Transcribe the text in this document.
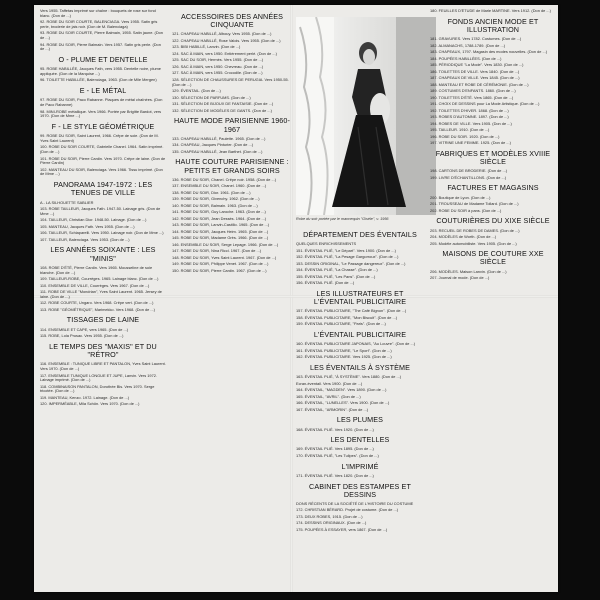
Vers 1955. Taffetas imprimé sur chaîne : bouquets de rose sur fond blanc. (Don de ...)
92. ROBE DU SOIR COURTE, BALENCIAGA. Vers 1955. Satin gris perle, broderie de jais noir. (Don de M. Balenciaga)
93. ROBE DU SOIR COURTE, Pierre Balmain, 1955. Satin jaune. (Don de ...)
94. ROBE DU SOIR, Pierre Balmain. Vers 1957. Satin gris perle. (Don de ...)
O - PLUME ET DENTELLE
95. ROBE HABILLÉE, Jacques Fath, vers 1955. Dentelle noire, plume appliquée. (Don de la Marquise ...)
96. TOILETTE HABILLÉE, Balenciaga, 1963. (Don de Mlle Mergen)
E - LE MÉTAL
97. ROBE DU SOIR, Paco Rabanne. Plaques de métal chaînées. (Don de Paco Rabanne)
98. MINI-ROBE métallique. Vers 1966. Portée par Brigitte Bardot, vers 1970. (Don de Mme ...)
F - LE STYLE GÉOMÉTRIQUE
99. ROBE DU SOIR, Saint Laurent, 1966. Crêpe de soie. (Don de M. Yves Saint Laurent)
100. ROBE DU SOIR COURTE, Gabrielle Chanel. 1964. Satin imprimé. (Don de ...)
101. ROBE DU SOIR, Pierre Cardin. Vers 1970. Crêpe de laine. (Don de Pierre Cardin)
102. MANTEAU DU SOIR, Balenciaga. Vers 1966. Tissu imprimé. (Don de Mme ...)
PANORAMA 1947-1972 : LES TENUES DE VILLE
A - LA SILHOUETTE SABLIER
103. ROBE TAILLEUR, Jacques Fath. 1947-50. Lainage gris. (Don de Mme ...)
104. TAILLEUR, Christian Dior. 1948-50. Lainage. (Don de ...)
105. MANTEAU, Jacques Fath. Vers 1955. (Don de ...)
106. TAILLEUR, Schiaparelli. Vers 1950. Lainage noir. (Don de Mme ...)
107. TAILLEUR, Balenciaga. Vers 1953. (Don de ...)
LES ANNÉES SOIXANTE : LES "MINIS"
108. ROBE D'ÉTÉ, Pierre Cardin. Vers 1965. Mousseline de soie blanche. (Don de ...)
109. TAILLEUR-ROBE, Courrèges. 1965. Lainage blanc. (Don de ...)
110. ENSEMBLE DE VILLE, Courrèges. Vers 1967. (Don de ...)
111. ROBE DE VILLE "Mondrian", Yves Saint Laurent. 1965. Jersey de laine. (Don de ...)
112. ROBE COURTE, Ungaro. Vers 1968. Crêpe vert. (Don de ...)
113. ROBE "GÉOMÉTRIQUE", Marimekko. Vers 1968. (Don de ...)
TISSAGES DE LAINE
114. ENSEMBLE ET CAPE, vers 1965. (Don de ...)
115. ROBE, Lola Prusac. Vers 1955. (Don de ...)
LE TEMPS DES "MAXIS" ET DU "RÉTRO"
116. ENSEMBLE : TUNIQUE LIBRE ET PANTALON, Yves Saint Laurent. Vers 1970. (Don de ...)
117. ENSEMBLE TUNIQUE LONGUE ET JUPE, Lanvin. Vers 1972. Lainage imprimé. (Don de ...)
118. COMBINAISON PANTALON, Dorothée Bis. Vers 1970. Serge tricotée. (Don de ...)
119. MANTEAU, Kenzo. 1972. Lainage. (Don de ...)
120. IMPERMÉABLE, Mila Schön. Vers 1970. (Don de ...)
ACCESSOIRES DES ANNÉES CINQUANTE
121. CHAPEAU HABILLÉ, Albouy. Vers 1955. (Don de ...)
122. CHAPEAU HABILLÉ, Rose Valois. Vers 1955. (Don de ...)
123. BIBI HABILLÉ, Lanvin. (Don de ...)
124. SAC À MAIN, vers 1950. Entièrement perlé. (Don de ...)
125. SAC DU SOIR, Hermès. Vers 1955. (Don de ...)
126. SAC À MAIN, vers 1950. Chevreau. (Don de ...)
127. SAC À MAIN, vers 1955. Crocodile. (Don de ...)
128. SÉLECTION DE CHAUSSURES DE PERUGIA. Vers 1950-55. (Don de ...)
129. ÉVENTAIL. (Don de ...)
130. SÉLECTION DE PARFUMS. (Don de ...)
131. SÉLECTION DE BIJOUX DE FANTAISIE. (Don de ...)
132. SÉLECTION DE MODÈLES DE GANTS. (Don de ...)
HAUTE MODE PARISIENNE 1960-1967
133. CHAPEAU HABILLÉ, Paulette. 1965. (Don de ...)
134. CHAPEAU, Jacques Pinturier. (Don de ...)
135. CHAPEAU HABILLÉ, Jean Barthet. (Don de ...)
HAUTE COUTURE PARISIENNE : PETITS ET GRANDS SOIRS
136. ROBE DU SOIR, Chanel. Crêpe noir. 1958. (Don de ...)
137. ENSEMBLE DU SOIR, Chanel. 1960. (Don de ...)
138. ROBE DU SOIR, Dior. 1961. (Don de ...)
139. ROBE DU SOIR, Givenchy. 1962. (Don de ...)
140. ROBE DU SOIR, Balmain. 1963. (Don de ...)
141. ROBE DU SOIR, Guy Laroche. 1963. (Don de ...)
142. ROBE DU SOIR, Jean Dessès. 1964. (Don de ...)
143. ROBE DU SOIR, Lanvin-Castillo. 1965. (Don de ...)
144. ROBE DU SOIR, Jacques Heim. 1965. (Don de ...)
145. ROBE DU SOIR, Madame Grès. 1966. (Don de ...)
146. ENSEMBLE DU SOIR, Serge Lepage. 1966. (Don de ...)
147. ROBE DU SOIR, Nina Ricci. 1967. (Don de ...)
148. ROBE DU SOIR, Yves Saint Laurent. 1967. (Don de ...)
149. ROBE DU SOIR, Philippe Venet. 1967. (Don de ...)
150. ROBE DU SOIR, Pierre Cardin. 1967. (Don de ...)
Robe du soir portée par le mannequin "Gisèle", v. 1956
DÉPARTEMENT DES ÉVENTAILS
QUELQUES ENRICHISSEMENTS
151. ÉVENTAIL PLIÉ, "Le Départ". Vers 1900. (Don de ...)
152. ÉVENTAIL PLIÉ, "La Pesage Gargorroux". (Don de ...)
153. DESSIN ORIGINAL, "Le Passage dangereux". (Don de ...)
154. ÉVENTAIL PLIÉ, "La Chasse". (Don de ...)
155. ÉVENTAIL PLIÉ, "Les Pans". (Don de ...)
156. ÉVENTAIL PLIÉ. (Don de ...)
LES ILLUSTRATEURS ET L'ÉVENTAIL PUBLICITAIRE
157. ÉVENTAIL PUBLICITAIRE, "The Café Bignon". (Don de ...)
158. ÉVENTAIL PUBLICITAIRE, "Mon Biscuit". (Don de ...)
159. ÉVENTAIL PUBLICITAIRE, "Paris". (Don de ...)
L'ÉVENTAIL PUBLICITAIRE
160. ÉVENTAIL PUBLICITAIRE JAPONAIS, "Au Louvre". (Don de ...)
161. ÉVENTAIL PUBLICITAIRE, "Le Sport". (Don de ...)
162. ÉVENTAIL PUBLICITAIRE. Vers 1925. (Don de ...)
LES ÉVENTAILS À SYSTÈME
163. ÉVENTAIL PLIÉ, "À SYSTÈME". Vers 1880. (Don de ...)
Ecran-éventail. Vers 1900. (Don de ...)
164. ÉVENTAIL, "MAGDEN". Vers 1890. (Don de ...)
165. ÉVENTAIL, "AVRIL". (Don de ...)
166. ÉVENTAIL, "LUNELLES". Vers 1900. (Don de ...)
167. ÉVENTAIL, "ARMORIN". (Don de ...)
LES PLUMES
168. ÉVENTAIL PLIÉ. Vers 1920. (Don de ...)
LES DENTELLES
169. ÉVENTAIL PLIÉ. Vers 1895. (Don de ...)
170. ÉVENTAIL PLIÉ, "Les Tulipes". (Don de ...)
L'IMPRIMÉ
171. ÉVENTAIL PLIÉ. Vers 1820. (Don de ...)
CABINET DES ESTAMPES ET DESSINS
DONS RÉCENTS DE LA SOCIÉTÉ DE L'HISTOIRE DU COSTUME
172. CHRISTIAN BÉRARD. Projet de costume. (Don de ...)
173. DEUX ROBES, 1915. (Don de ...)
174. DESSINS ORIGINAUX. (Don de ...)
175. POUPÉES À ESSAYER, vers 1867. (Don de ...)
180. FEUILLES D'ÉTUDE de Marie MARTINE. Vers 1912. (Don de ...)
FONDS ANCIEN MODE ET ILLUSTRATION
181. GRAVURES. Vers 1782. Costumes. (Don de ...)
182. ALMANACHS, 1788-1789. (Don de ...)
183. CHAPEAUX, 1797. Magasin des modes nouvelles. (Don de ...)
184. POUPÉES HABILLÉES. (Don de ...)
185. PÉRIODIQUE "La Mode". Vers 1830. (Don de ...)
186. TOILETTES DE VILLE. Vers 1840. (Don de ...)
187. CHAPEAUX DE VILLE. Vers 1845. (Don de ...)
188. MANTEAU ET ROBE DE CÉRÉMONIE. (Don de ...)
189. COSTUMES D'ENFANTS. 1860. (Don de ...)
190. TOILETTES D'ÉTÉ. Vers 1865. (Don de ...)
191. CHOIX DE DESSINS pour La Mode Artistique. (Don de ...)
192. TOILETTES D'HIVER. 1868. (Don de ...)
193. ROBES D'AUTOMNE. 1897. (Don de ...)
194. ROBES DE VILLE. Vers 1905. (Don de ...)
195. TAILLEUR. 1910. (Don de ...)
196. ROBE DU SOIR. 1920. (Don de ...)
197. VITRINE UNE FEMME. 1925. (Don de ...)
FABRIQUES ET MODÈLES XVIIIE SIÈCLE
198. CARTONS DE BRODERIE. (Don de ...)
199. LIVRE D'ÉCHANTILLONS. (Don de ...)
FACTURES ET MAGASINS
200. Boutique de Lyon. (Don de ...)
201. TROUSSEAU de Madame Tollard. (Don de ...)
202. ROBE DU SOIR à pans. (Don de ...)
COUTURIÈRES DU XIXE SIÈCLE
203. RECUEIL DE ROBES DE DAMES. (Don de ...)
204. MODÈLES de Worth. (Don de ...)
205. Modèle automobiliste. Vers 1905. (Don de ...)
MAISONS DE COUTURE XXE SIÈCLE
206. MODÈLES. Maison Lanvin. (Don de ...)
207. Journal de mode. (Don de ...)
